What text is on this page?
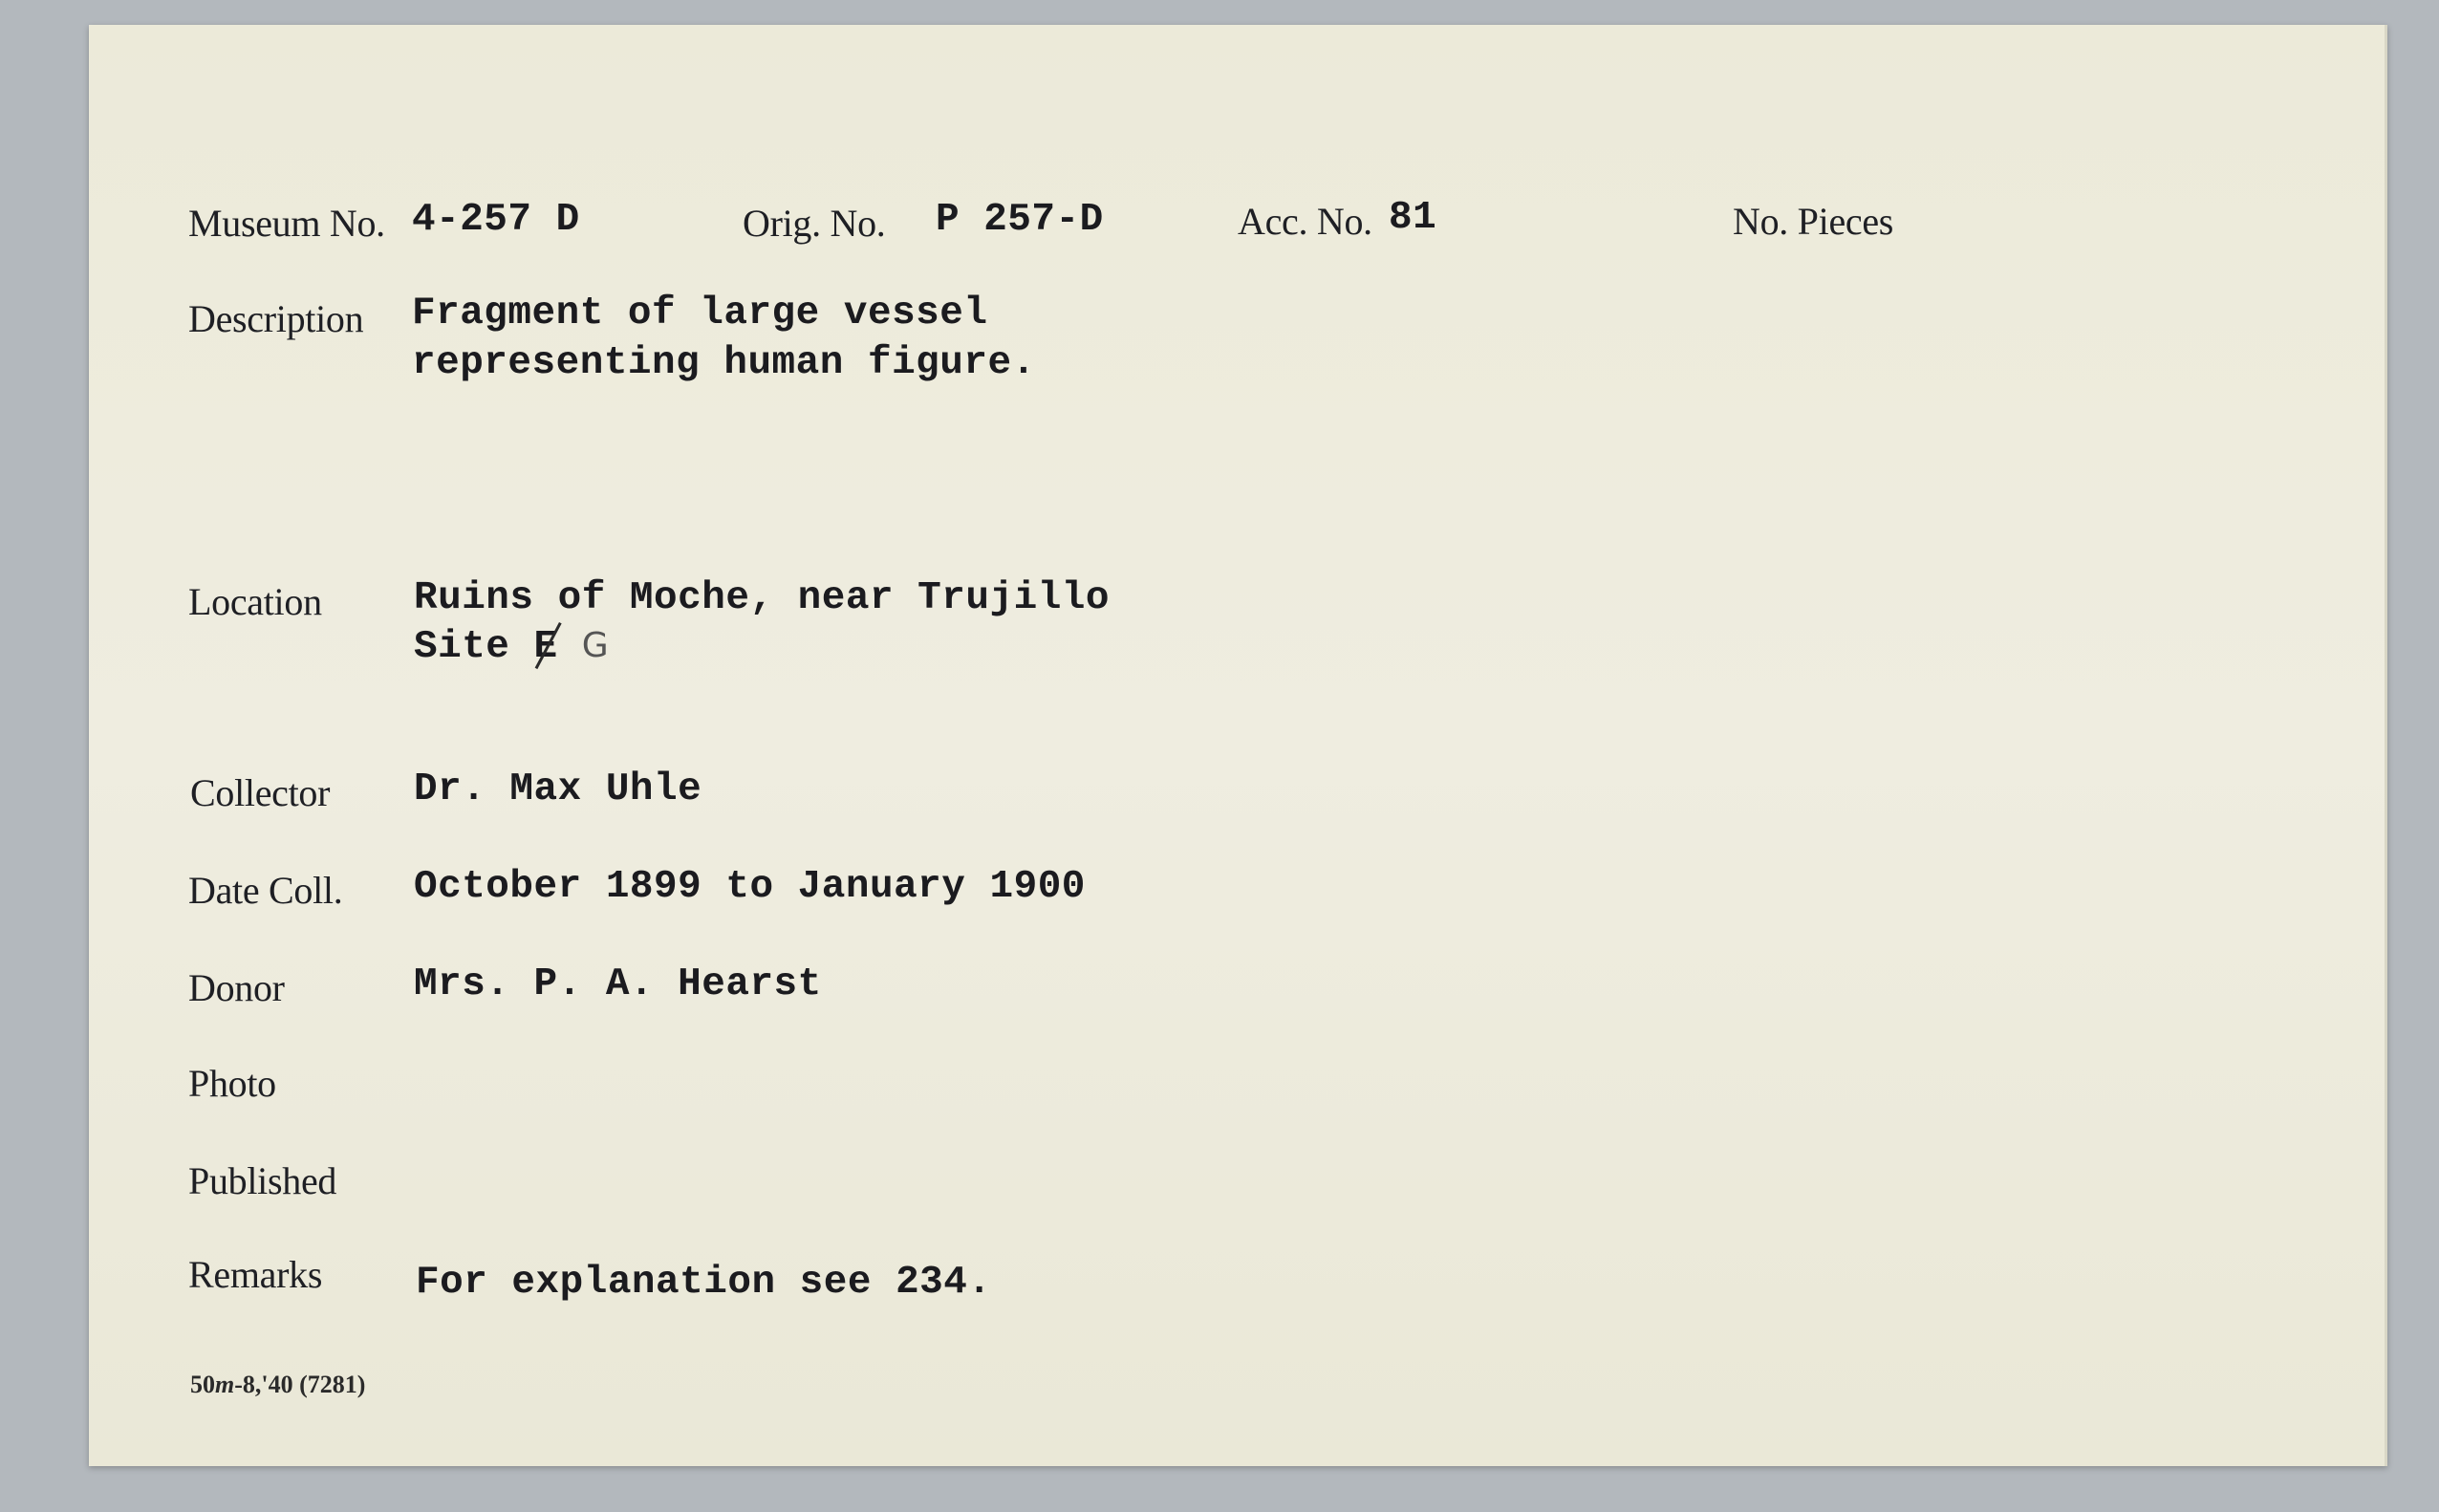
Museum No. 4-257 D	Orig. No. P 257-D	Acc. No. 81	No. Pieces
Description Fragment of large vessel
representing human figure.
Location Ruins of Moche, near Trujillo
Site E G
Collector Dr. Max Uhle
Date Coll. October 1899 to January 1900
Donor	Mrs. P. A. Hearst
Photo
Published
Remarks For explanation see 234.
50m-8,'40 (7281)
